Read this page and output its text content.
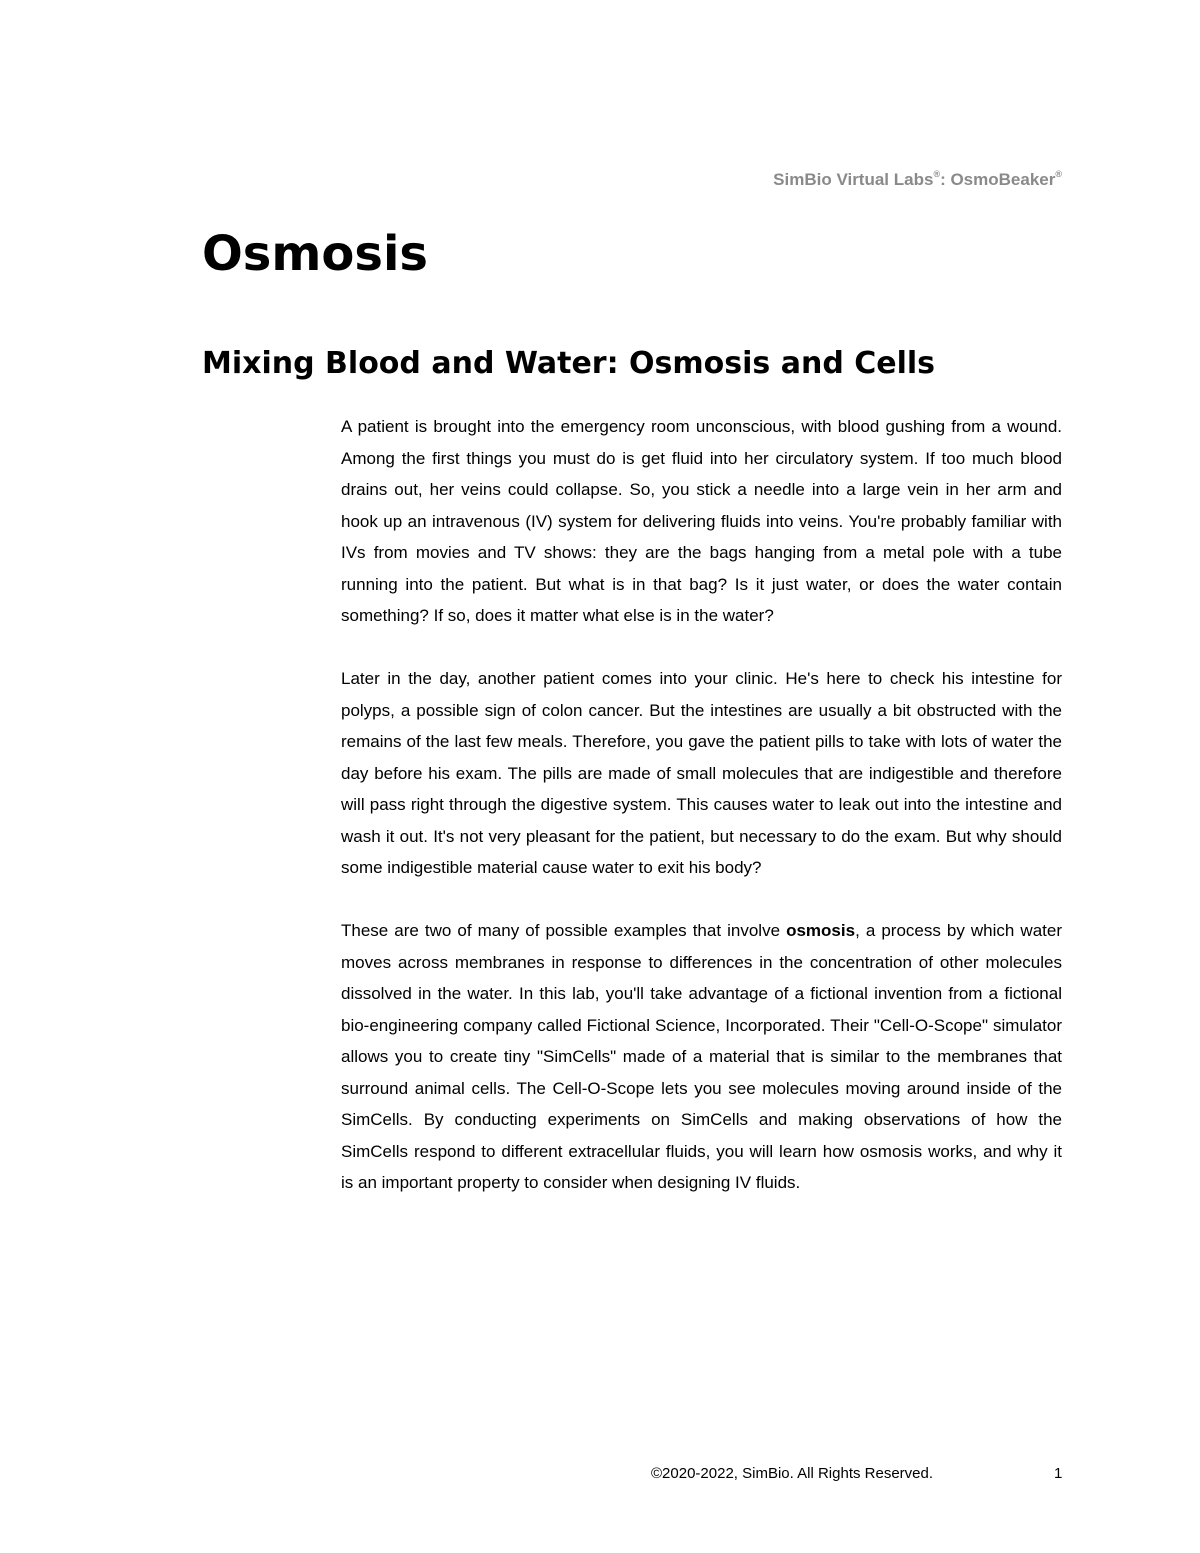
SimBio Virtual Labs®: OsmoBeaker®
Osmosis
Mixing Blood and Water: Osmosis and Cells

A patient is brought into the emergency room unconscious, with blood gushing from a wound. Among the first things you must do is get fluid into her circulatory system. If too much blood drains out, her veins could collapse. So, you stick a needle into a large vein in her arm and hook up an intravenous (IV) system for delivering fluids into veins. You're probably familiar with IVs from movies and TV shows: they are the bags hanging from a metal pole with a tube running into the patient. But what is in that bag? Is it just water, or does the water contain something? If so, does it matter what else is in the water?

Later in the day, another patient comes into your clinic. He's here to check his intestine for polyps, a possible sign of colon cancer. But the intestines are usually a bit obstructed with the remains of the last few meals. Therefore, you gave the patient pills to take with lots of water the day before his exam. The pills are made of small molecules that are indigestible and therefore will pass right through the digestive system. This causes water to leak out into the intestine and wash it out. It's not very pleasant for the patient, but necessary to do the exam. But why should some indigestible material cause water to exit his body?

These are two of many of possible examples that involve osmosis, a process by which water moves across membranes in response to differences in the concentration of other molecules dissolved in the water. In this lab, you'll take advantage of a fictional invention from a fictional bio-engineering company called Fictional Science, Incorporated. Their "Cell-O-Scope" simulator allows you to create tiny "SimCells" made of a material that is similar to the membranes that surround animal cells. The Cell-O-Scope lets you see molecules moving around inside of the SimCells. By conducting experiments on SimCells and making observations of how the SimCells respond to different extracellular fluids, you will learn how osmosis works, and why it is an important property to consider when designing IV fluids.

©2020-2022, SimBio. All Rights Reserved.	1
